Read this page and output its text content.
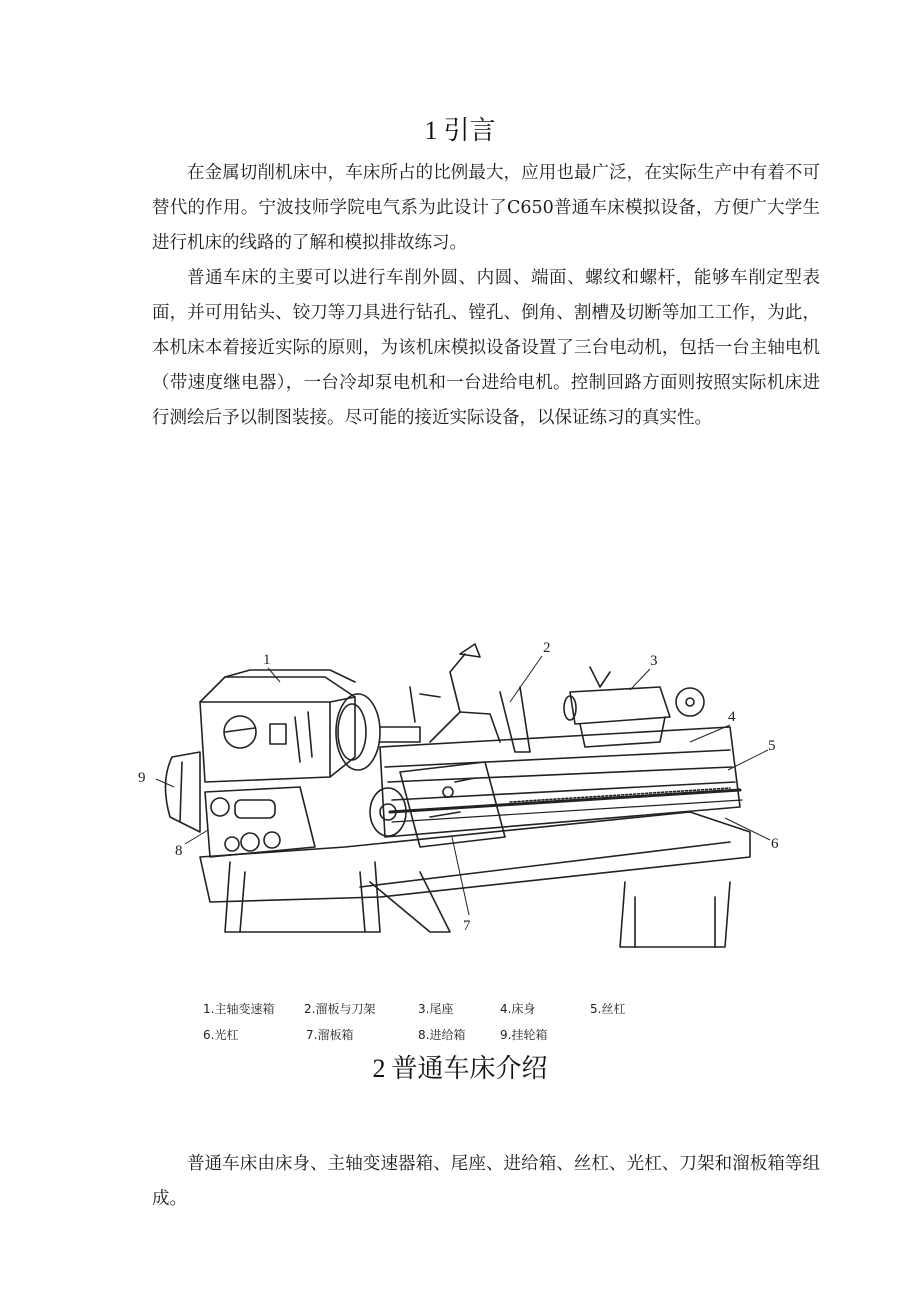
1 引言

在金属切削机床中，车床所占的比例最大，应用也最广泛，在实际生产中有着不可替代的作用。宁波技师学院电气系为此设计了C650普通车床模拟设备，方便广大学生进行机床的线路的了解和模拟排故练习。

普通车床的主要可以进行车削外圆、内圆、端面、螺纹和螺杆，能够车削定型表面，并可用钻头、铰刀等刀具进行钻孔、镗孔、倒角、割槽及切断等加工工作，为此，本机床本着接近实际的原则，为该机床模拟设备设置了三台电动机，包括一台主轴电机（带速度继电器），一台冷却泵电机和一台进给电机。控制回路方面则按照实际机床进行测绘后予以制图装接。尽可能的接近实际设备，以保证练习的真实性。

1
2
3
4
5
6
7
8
9
1.主轴变速箱 2.溜板与刀架	3.尾座	4.床身	5.丝杠
6.光杠	7.溜板箱	8.进给箱	9.挂轮箱
2 普通车床介绍

普通车床由床身、主轴变速器箱、尾座、进给箱、丝杠、光杠、刀架和溜板箱等组成。
